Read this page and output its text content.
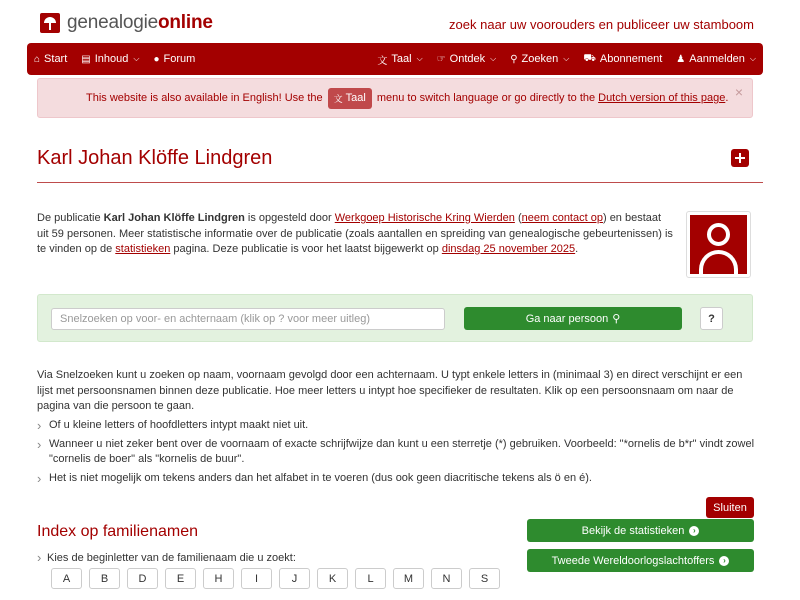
genealogieonline	zoek naar uw voorouders en publiceer uw stamboom
⌂ Start ▤ Inhoud ⌵ ● Forum	文 Taal ⌵ ☞ Ontdek ⌵ ⚲ Zoeken ⌵ ⛟ Abonnement ♟ Aanmelden ⌵
This website is also available in English! Use the 文 Taal menu to switch language or go directly to the Dutch version of this page . ×
Karl Johan Klöffe Lindgren
De publicatie Karl Johan Klöffe Lindgren is opgesteld door Werkgoep Historische Kring Wierden (neem contact op) en bestaat uit 59 personen. Meer statistische informatie over de publicatie (zoals aantallen en spreiding van genealogische gebeurtenissen) is te vinden op de statistieken pagina. Deze publicatie is voor het laatst bijgewerkt op dinsdag 25 november 2025.
Snelzoeken op voor- en achternaam (klik op ? voor meer uitleg)
Ga naar persoon ⚲	?
Via Snelzoeken kunt u zoeken op naam, voornaam gevolgd door een achternaam. U typt enkele letters in (minimaal 3) en direct verschijnt er een lijst met persoonsnamen binnen deze publicatie. Hoe meer letters u intypt hoe specifieker de resultaten. Klik op een persoonsnaam om naar de pagina van die persoon te gaan.
› Of u kleine letters of hoofdletters intypt maakt niet uit.
› Wanneer u niet zeker bent over de voornaam of exacte schrijfwijze dan kunt u een sterretje (*) gebruiken. Voorbeeld: "*ornelis de b*r" vindt zowel "cornelis de boer" als "kornelis de buur".
› Het is niet mogelijk om tekens anders dan het alfabet in te voeren (dus ook geen diacritische tekens als ö en é).
Sluiten
Index op familienamen
› Kies de beginletter van de familienaam die u zoekt:
A	B	D	E	H	I	J	K	L	M	N	S
Bekijk de statistieken	›
Tweede Wereldoorlogslachtoffers	›
